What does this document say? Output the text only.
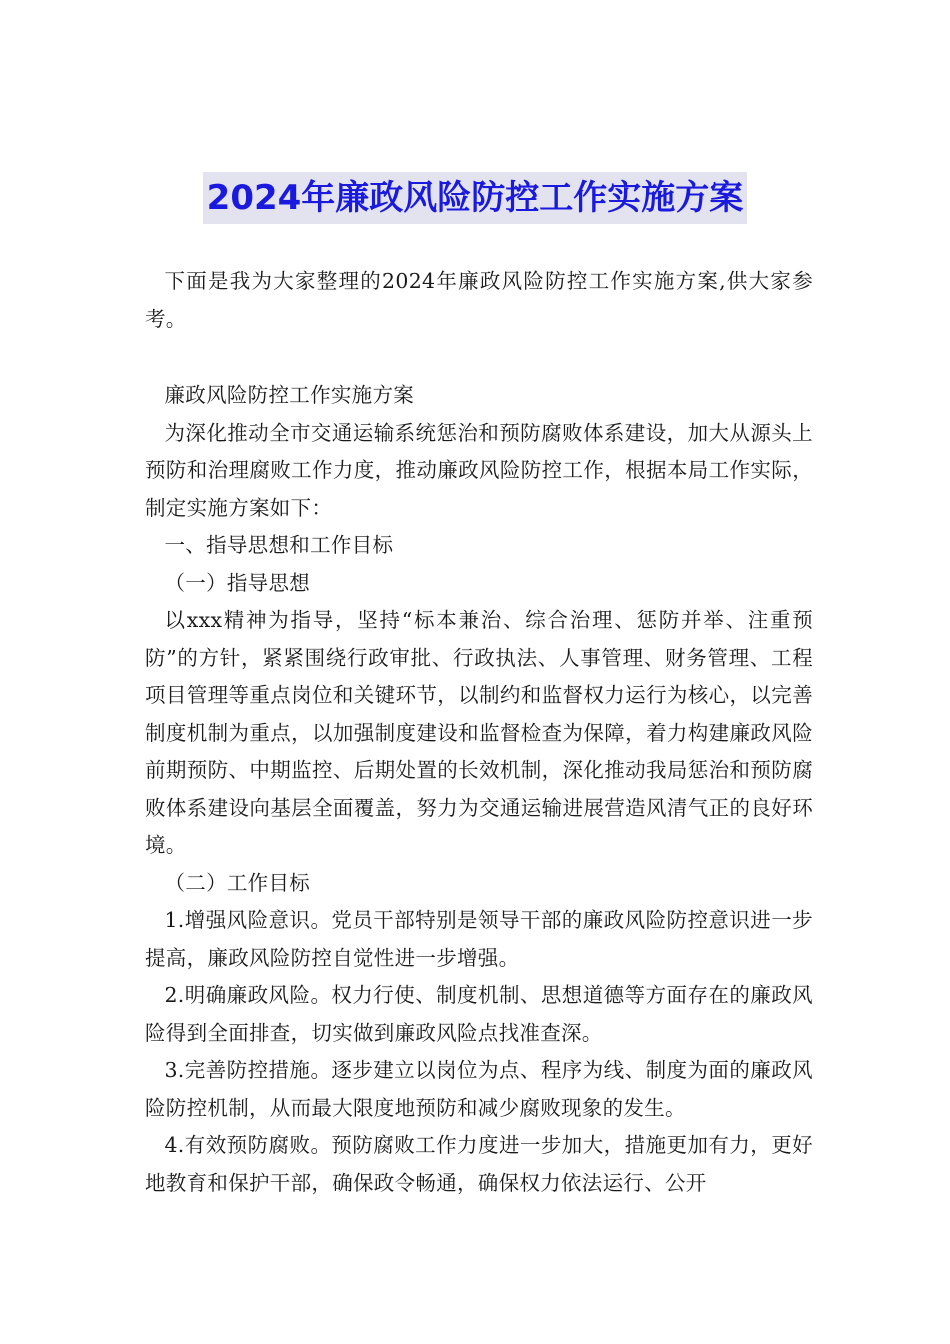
2024年廉政风险防控工作实施方案

下面是我为大家整理的2024年廉政风险防控工作实施方案,供大家参考。

廉政风险防控工作实施方案

为深化推动全市交通运输系统惩治和预防腐败体系建设，加大从源头上预防和治理腐败工作力度，推动廉政风险防控工作，根据本局工作实际，制定实施方案如下：

一、指导思想和工作目标

（一）指导思想

以xxx精神为指导，坚持“标本兼治、综合治理、惩防并举、注重预防”的方针，紧紧围绕行政审批、行政执法、人事管理、财务管理、工程项目管理等重点岗位和关键环节，以制约和监督权力运行为核心，以完善制度机制为重点，以加强制度建设和监督检查为保障，着力构建廉政风险前期预防、中期监控、后期处置的长效机制，深化推动我局惩治和预防腐败体系建设向基层全面覆盖，努力为交通运输进展营造风清气正的良好环境。

（二）工作目标

1.增强风险意识。党员干部特别是领导干部的廉政风险防控意识进一步提高，廉政风险防控自觉性进一步增强。

2.明确廉政风险。权力行使、制度机制、思想道德等方面存在的廉政风险得到全面排查，切实做到廉政风险点找准查深。

3.完善防控措施。逐步建立以岗位为点、程序为线、制度为面的廉政风险防控机制，从而最大限度地预防和减少腐败现象的发生。

4.有效预防腐败。预防腐败工作力度进一步加大，措施更加有力，更好地教育和保护干部，确保政令畅通，确保权力依法运行、公开
